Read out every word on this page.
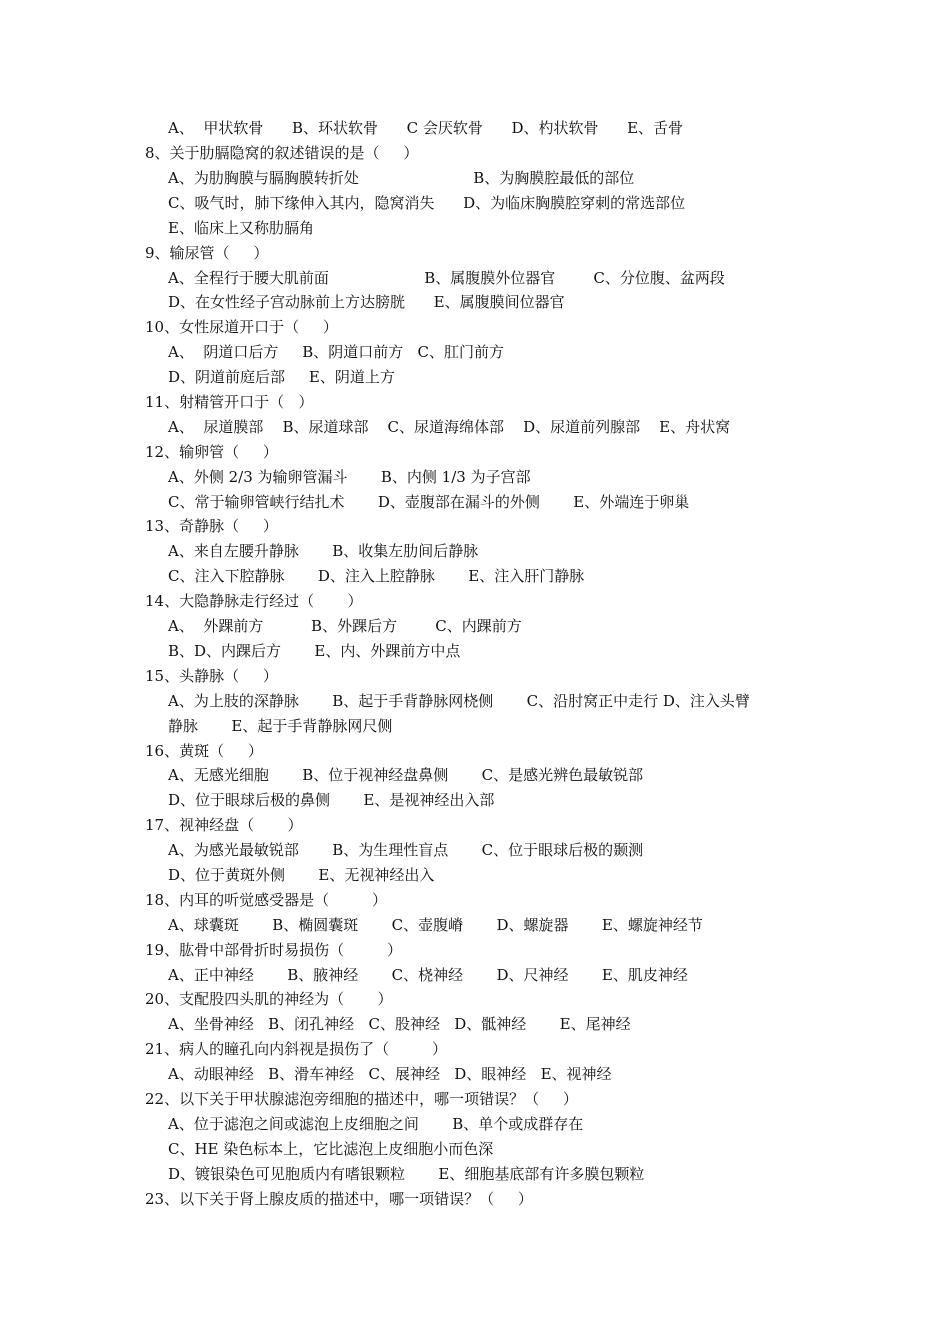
A、  甲状软骨      B、环状软骨      C 会厌软骨      D、杓状软骨      E、舌骨
8、关于肋膈隐窝的叙述错误的是（     ）
A、为肋胸膜与膈胸膜转折处                        B、为胸膜腔最低的部位
C、吸气时，肺下缘伸入其内，隐窝消失      D、为临床胸膜腔穿刺的常选部位
E、临床上又称肋膈角
9、输尿管（     ）
A、全程行于腰大肌前面                    B、属腹膜外位器官        C、分位腹、盆两段
D、在女性经子宫动脉前上方达膀胱      E、属腹膜间位器官
10、女性尿道开口于（     ）
A、  阴道口后方     B、阴道口前方   C、肛门前方
D、阴道前庭后部     E、阴道上方
11、射精管开口于（   ）
A、  尿道膜部    B、尿道球部    C、尿道海绵体部    D、尿道前列腺部    E、舟状窝
12、输卵管（     ）
A、外侧 2/3 为输卵管漏斗       B、内侧 1/3 为子宫部
C、常于输卵管峡行结扎术       D、壶腹部在漏斗的外侧       E、外端连于卵巢
13、奇静脉（     ）
A、来自左腰升静脉       B、收集左肋间后静脉
C、注入下腔静脉       D、注入上腔静脉       E、注入肝门静脉
14、大隐静脉走行经过（       ）
A、  外踝前方          B、外踝后方        C、内踝前方
B、D、内踝后方       E、内、外踝前方中点
15、头静脉（     ）
A、为上肢的深静脉       B、起于手背静脉网桡侧       C、沿肘窝正中走行 D、注入头臂
静脉       E、起于手背静脉网尺侧
16、黄斑（     ）
A、无感光细胞       B、位于视神经盘鼻侧       C、是感光辨色最敏锐部
D、位于眼球后极的鼻侧       E、是视神经出入部
17、视神经盘（       ）
A、为感光最敏锐部       B、为生理性盲点       C、位于眼球后极的颞测
D、位于黄斑外侧       E、无视神经出入
18、内耳的听觉感受器是（         ）
A、球囊斑       B、椭圆囊斑       C、壶腹嵴       D、螺旋器       E、螺旋神经节
19、肱骨中部骨折时易损伤（         ）
A、正中神经       B、腋神经       C、桡神经       D、尺神经       E、肌皮神经
20、支配股四头肌的神经为（       ）
A、坐骨神经   B、闭孔神经   C、股神经   D、骶神经       E、尾神经
21、病人的瞳孔向内斜视是损伤了（         ）
A、动眼神经   B、滑车神经   C、展神经   D、眼神经   E、视神经
22、以下关于甲状腺滤泡旁细胞的描述中，哪一项错误？（     ）
A、位于滤泡之间或滤泡上皮细胞之间       B、单个或成群存在
C、HE 染色标本上，它比滤泡上皮细胞小而色深
D、镀银染色可见胞质内有嗜银颗粒       E、细胞基底部有许多膜包颗粒
23、以下关于肾上腺皮质的描述中，哪一项错误？（     ）
